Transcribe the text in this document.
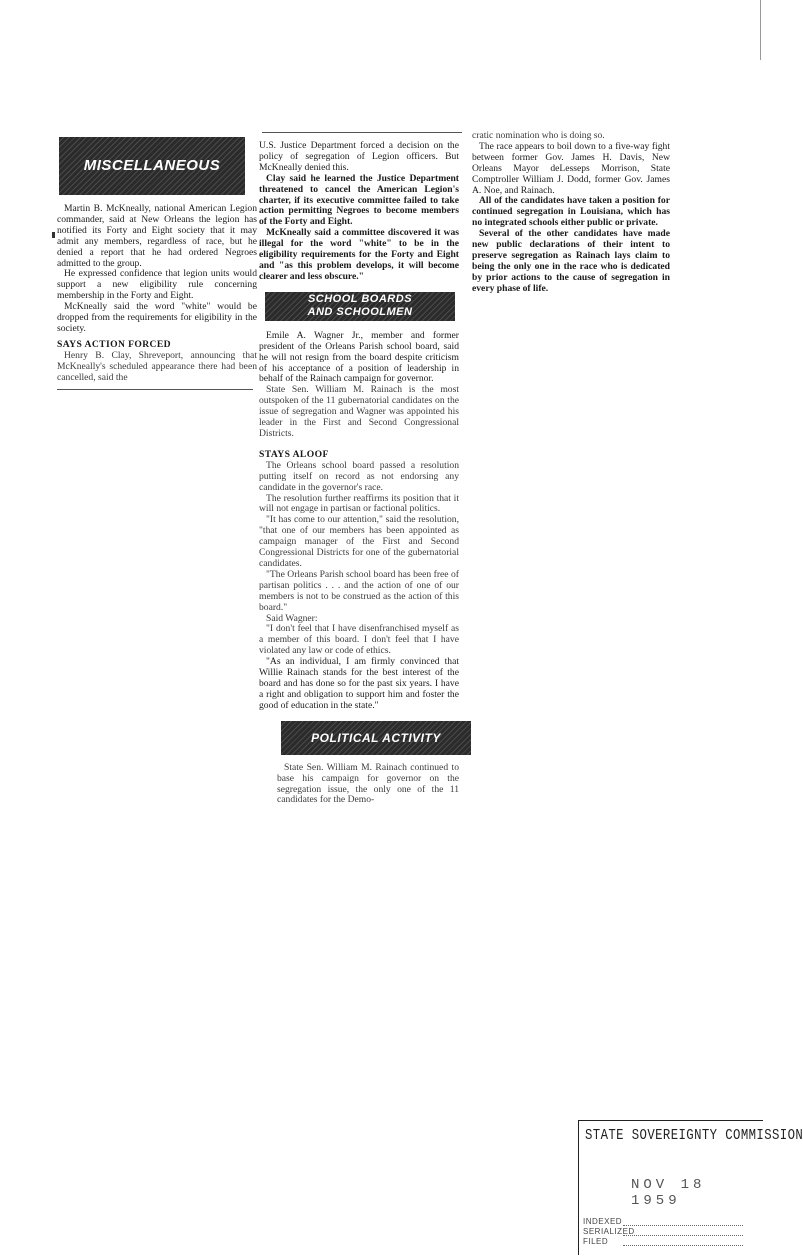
MISCELLANEOUS

Martin B. McKneally, national American Legion commander, said at New Orleans the legion has notified its Forty and Eight society that it may admit any members, regardless of race, but he denied a report that he had ordered Negroes admitted to the group.

He expressed confidence that legion units would support a new eligibility rule concerning membership in the Forty and Eight.

McKneally said the word "white" would be dropped from the requirements for eligibility in the society.

SAYS ACTION FORCED

Henry B. Clay, Shreveport, announcing that McKneally's scheduled appearance there had been cancelled, said the

U.S. Justice Department forced a decision on the policy of segregation of Legion officers. But McKneally denied this.

Clay said he learned the Justice Department threatened to cancel the American Legion's charter, if its executive committee failed to take action permitting Negroes to become members of the Forty and Eight.

McKneally said a committee discovered it was illegal for the word "white" to be in the eligibility requirements for the Forty and Eight and "as this problem develops, it will become clearer and less obscure."

SCHOOL BOARDS
AND SCHOOLMEN

Emile A. Wagner Jr., member and former president of the Orleans Parish school board, said he will not resign from the board despite criticism of his acceptance of a position of leadership in behalf of the Rainach campaign for governor.

State Sen. William M. Rainach is the most outspoken of the 11 gubernatorial candidates on the issue of segregation and Wagner was appointed his leader in the First and Second Congressional Districts.

STAYS ALOOF

The Orleans school board passed a resolution putting itself on record as not endorsing any candidate in the governor's race.

The resolution further reaffirms its position that it will not engage in partisan or factional politics.

"It has come to our attention," said the resolution, "that one of our members has been appointed as campaign manager of the First and Second Congressional Districts for one of the gubernatorial candidates.

"The Orleans Parish school board has been free of partisan politics . . . and the action of one of our members is not to be construed as the action of this board."

Said Wagner:

"I don't feel that I have disenfranchised myself as a member of this board. I don't feel that I have violated any law or code of ethics.

"As an individual, I am firmly convinced that Willie Rainach stands for the best interest of the board and has done so for the past six years. I have a right and obligation to support him and foster the good of education in the state."

POLITICAL ACTIVITY

State Sen. William M. Rainach continued to base his campaign for governor on the segregation issue, the only one of the 11 candidates for the Demo-

cratic nomination who is doing so.

The race appears to boil down to a five-way fight between former Gov. James H. Davis, New Orleans Mayor deLesseps Morrison, State Comptroller William J. Dodd, former Gov. James A. Noe, and Rainach.

All of the candidates have taken a position for continued segregation in Louisiana, which has no integrated schools either public or private.

Several of the other candidates have made new public declarations of their intent to preserve segregation as Rainach lays claim to being the only one in the race who is dedicated by prior actions to the cause of segregation in every phase of life.

STATE SOVEREIGNTY COMMISSION
NOV 18 1959
INDEXED
SERIALIZED
FILED
